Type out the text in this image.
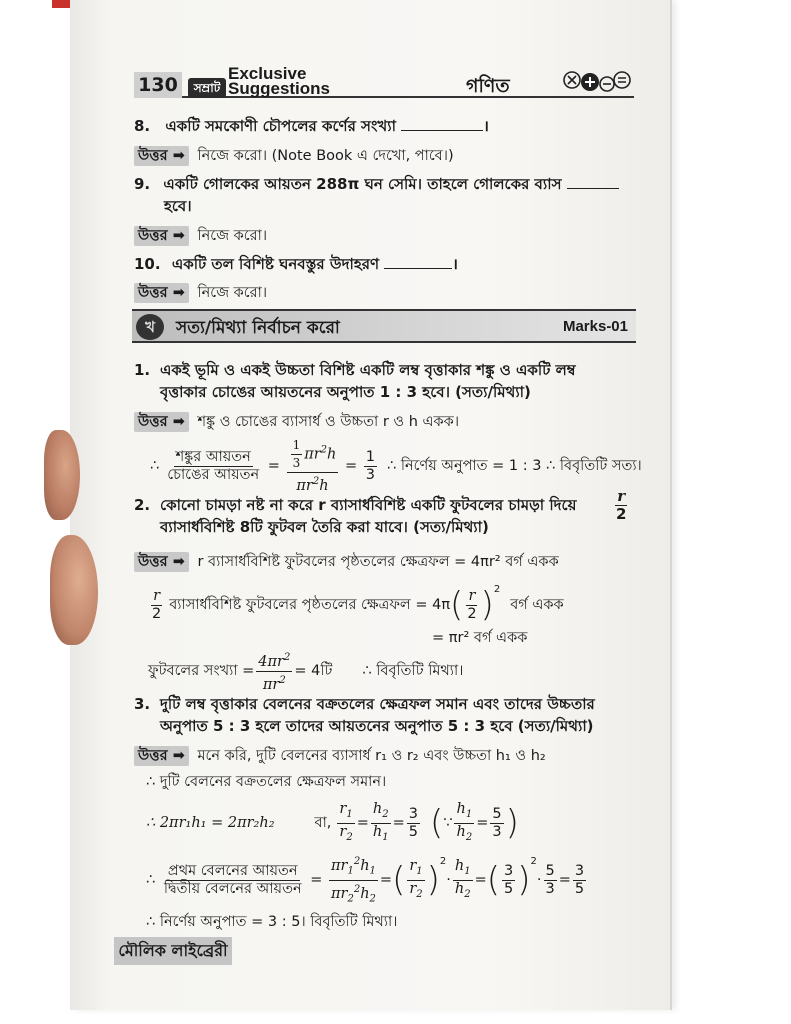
130	সম্রাট
Exclusive
Suggestions	গণিত
8. একটি সমকোণী চৌপলের কর্ণের সংখ্যা	।
উত্তর ➡ নিজে করো। (Note Book এ দেখো, পাবে।)
9. একটি গোলকের আয়তন 288π ঘন সেমি। তাহলে গোলকের ব্যাস
হবে।
উত্তর ➡ নিজে করো।
10. একটি তল বিশিষ্ট ঘনবস্তুর উদাহরণ	।
উত্তর ➡ নিজে করো।
খ	সত্য/মিথ্যা নির্বাচন করো	Marks-01
1. একই ভূমি ও একই উচ্চতা বিশিষ্ট একটি লম্ব বৃত্তাকার শঙ্কু ও একটি লম্ব
বৃত্তাকার চোঙের আয়তনের অনুপাত 1 : 3 হবে। (সত্য/মিথ্যা)
উত্তর ➡ শঙ্কু ও চোঙের ব্যাসার্ধ ও উচ্চতা r ও h একক।
∴ $\frac{\text{শঙ্কুর আয়তন}}{\text{চোঙের আয়তন}} = \frac{\frac{1}{3} \pi r^2h}{\pi r^2h} = \frac{1}{3}$ ∴ নির্ণেয় অনুপাত = 1 : 3 ∴ বিবৃতিটি সত্য।
2. কোনো চামড়া নষ্ট না করে r ব্যাসার্ধবিশিষ্ট একটি ফুটবলের চামড়া দিয়ে	$\frac{r}{2}$
ব্যাসার্ধবিশিষ্ট 8টি ফুটবল তৈরি করা যাবে। (সত্য/মিথ্যা)
উত্তর ➡ r ব্যাসার্ধবিশিষ্ট ফুটবলের পৃষ্ঠতলের ক্ষেত্রফল = 4πr² বর্গ একক
$\frac{r}{2}$ ব্যাসার্ধবিশিষ্ট ফুটবলের পৃষ্ঠতলের ক্ষেত্রফল = 4π ( $\frac{r}{2} )^2$
বর্গ একক
= πr² বর্গ একক
ফুটবলের সংখ্যা = $\frac{4\pi r^2}{\pi r^2}$ = 4টি ∴ বিবৃতিটি মিথ্যা।
3. দুটি লম্ব বৃত্তাকার বেলনের বক্রতলের ক্ষেত্রফল সমান এবং তাদের উচ্চতার
অনুপাত 5 : 3 হলে তাদের আয়তনের অনুপাত 5 : 3 হবে (সত্য/মিথ্যা)
উত্তর ➡ মনে করি, দুটি বেলনের ব্যাসার্ধ r₁ ও r₂ এবং উচ্চতা h₁ ও h₂
∴ দুটি বেলনের বক্রতলের ক্ষেত্রফল সমান।
∴ 2πr₁h₁ = 2πr₂h₂	বা, $\frac{r_1}{r_2} = \frac{h_2}{h_1} = \frac{3}{5}$ ( ∵ $\frac{h_1}{h_2} = \frac{5}{3}$ )
∴ $\frac{\text{প্রথম বেলনের আয়তন}}{\text{দ্বিতীয় বেলনের আয়তন}} = \frac{\pi r_1^2h_1}{\pi r_2^2h_2}$ = ( $\frac{r_1}{r_2} )^2$
· $\frac{h_1}{h_2}$ = ( $\frac{3}{5} )^2$
· $\frac{5}{3} = \frac{3}{5}$
∴ নির্ণেয় অনুপাত = 3 : 5। বিবৃতিটি মিথ্যা।
মৌলিক লাইব্রেরী
